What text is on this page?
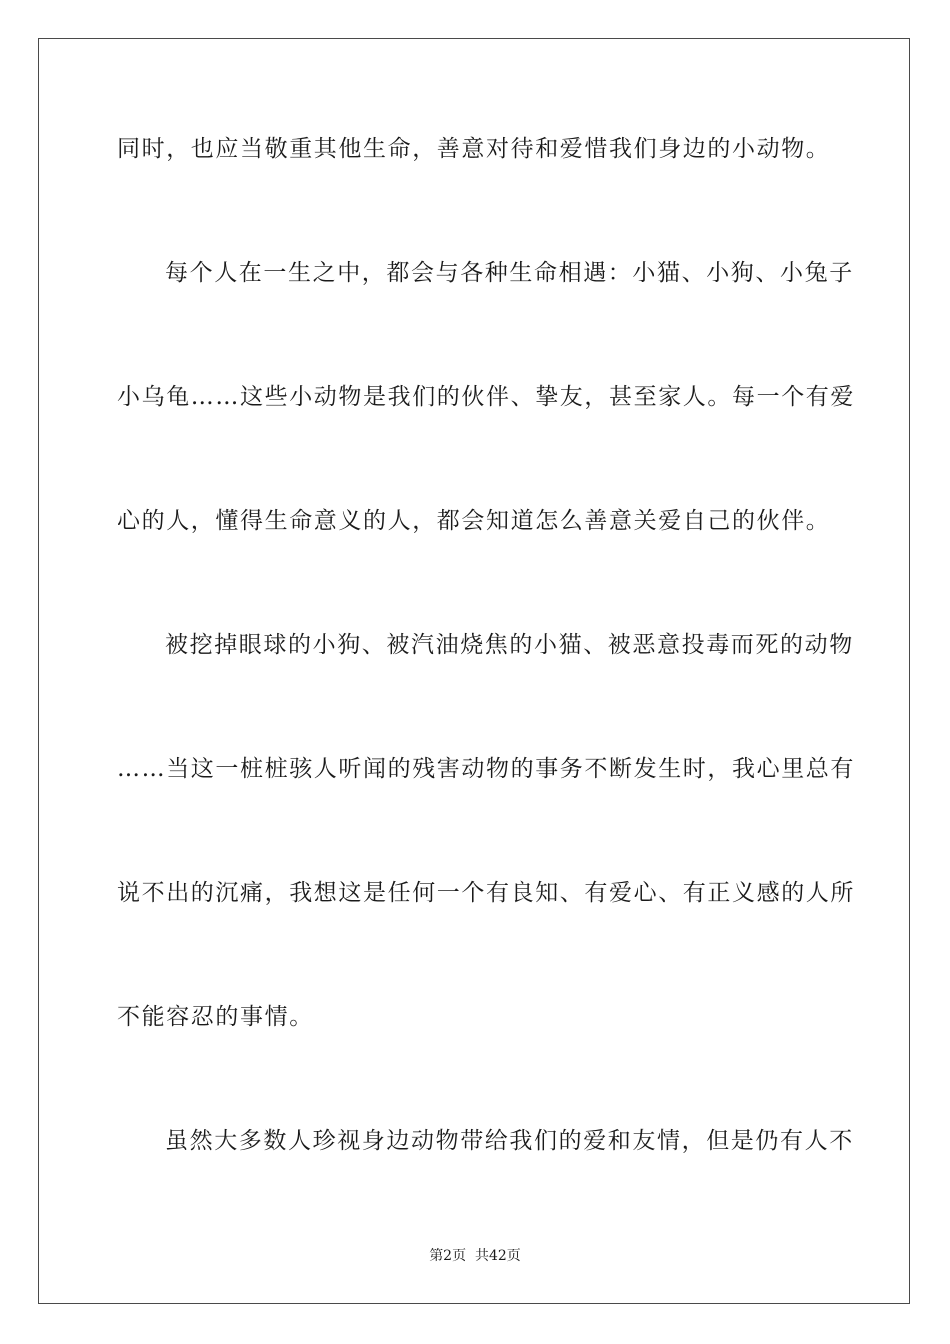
同时，也应当敬重其他生命，善意对待和爱惜我们身边的小动物。
每个人在一生之中，都会与各种生命相遇：小猫、小狗、小兔子
小乌龟……这些小动物是我们的伙伴、挚友，甚至家人。每一个有爱
心的人，懂得生命意义的人，都会知道怎么善意关爱自己的伙伴。
被挖掉眼球的小狗、被汽油烧焦的小猫、被恶意投毒而死的动物
……当这一桩桩骇人听闻的残害动物的事务不断发生时，我心里总有
说不出的沉痛，我想这是任何一个有良知、有爱心、有正义感的人所
不能容忍的事情。
虽然大多数人珍视身边动物带给我们的爱和友情，但是仍有人不
第2页  共42页
